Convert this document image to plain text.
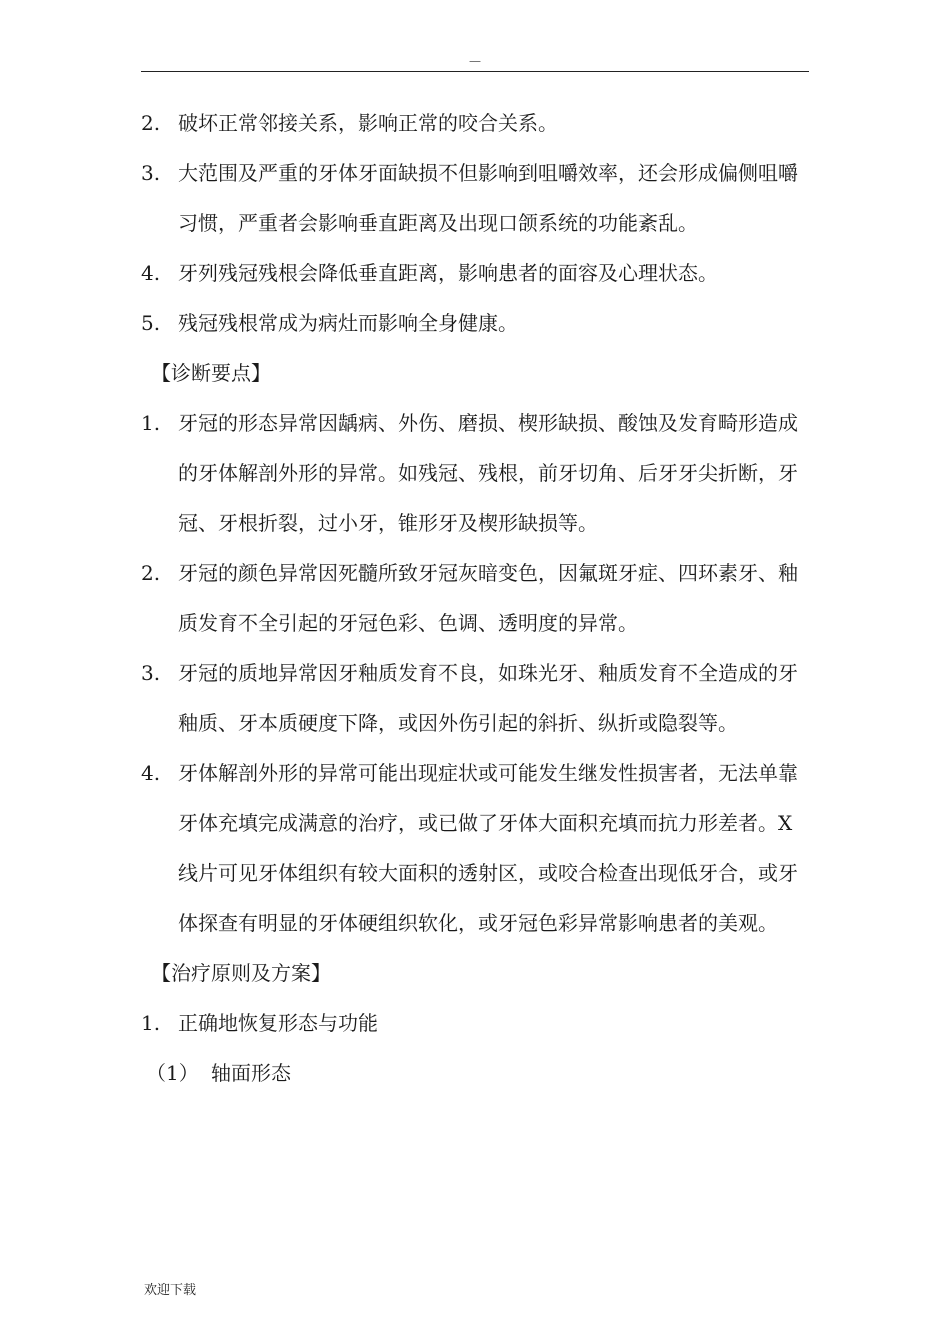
—
2. 破坏正常邻接关系，影响正常的咬合关系。
3. 大范围及严重的牙体牙面缺损不但影响到咀嚼效率，还会形成偏侧咀嚼习惯，严重者会影响垂直距离及出现口颌系统的功能紊乱。
4. 牙列残冠残根会降低垂直距离，影响患者的面容及心理状态。
5. 残冠残根常成为病灶而影响全身健康。
【诊断要点】
1. 牙冠的形态异常因龋病、外伤、磨损、楔形缺损、酸蚀及发育畸形造成的牙体解剖外形的异常。如残冠、残根，前牙切角、后牙牙尖折断，牙冠、牙根折裂，过小牙，锥形牙及楔形缺损等。
2. 牙冠的颜色异常因死髓所致牙冠灰暗变色，因氟斑牙症、四环素牙、釉质发育不全引起的牙冠色彩、色调、透明度的异常。
3. 牙冠的质地异常因牙釉质发育不良，如珠光牙、釉质发育不全造成的牙釉质、牙本质硬度下降，或因外伤引起的斜折、纵折或隐裂等。
4. 牙体解剖外形的异常可能出现症状或可能发生继发性损害者，无法单靠牙体充填完成满意的治疗，或已做了牙体大面积充填而抗力形差者。X 线片可见牙体组织有较大面积的透射区，或咬合检查出现低牙合，或牙体探查有明显的牙体硬组织软化，或牙冠色彩异常影响患者的美观。
【治疗原则及方案】
1. 正确地恢复形态与功能
（1） 轴面形态
欢迎下载
